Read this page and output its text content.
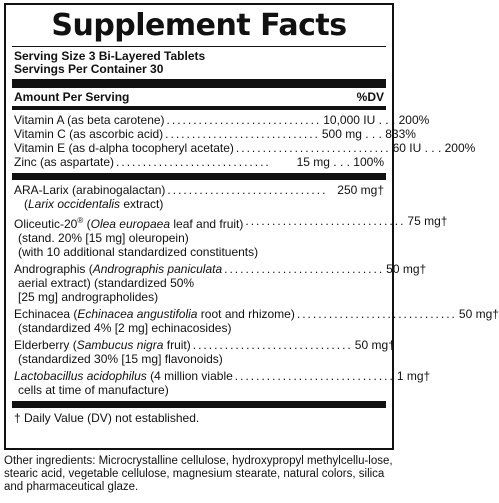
Supplement Facts
Serving Size 3 Bi-Layered Tablets
Servings Per Container 30
Amount Per Serving	%DV
Vitamin A (as beta carotene) ............................. 10,000 IU . . . 200%
Vitamin C (as ascorbic acid) ............................. 500 mg . . . 833%
Vitamin E (as d-alpha tocopheryl acetate) ............................. 60 IU . . . 200%
Zinc (as aspartate) .............................	15 mg . . . 100%
ARA-Larix (arabinogalactan) .............................. 250 mg†
(Larix occidentalis extract)
Oliceutic-20® (Olea europaea leaf and fruit) .............................. 75 mg†
(stand. 20% [15 mg] oleuropein)
(with 10 additional standardized constituents)
Andrographis (Andrographis paniculata .............................. 50 mg†
aerial extract) (standardized 50%
[25 mg] andrographolides)
Echinacea (Echinacea angustifolia root and rhizome) .............................. 50 mg†
(standardized 4% [2 mg] echinacosides)
Elderberry (Sambucus nigra fruit) .............................. 50 mg†
(standardized 30% [15 mg] flavonoids)
Lactobacillus acidophilus (4 million viable .............................. 1 mg†
cells at time of manufacture)
† Daily Value (DV) not established.
Other ingredients: Microcrystalline cellulose, hydroxypropyl methylcellu-lose, stearic acid, vegetable cellulose, magnesium stearate, natural colors, silica and pharmaceutical glaze.
